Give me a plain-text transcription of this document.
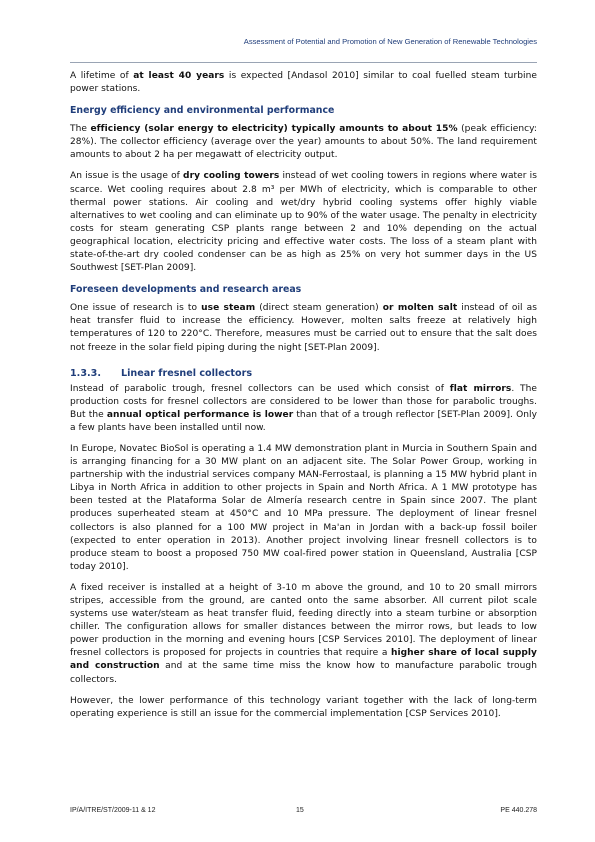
Assessment of Potential and Promotion of New Generation of Renewable Technologies

A lifetime of at least 40 years is expected [Andasol 2010] similar to coal fuelled steam turbine power stations.

Energy efficiency and environmental performance

The efficiency (solar energy to electricity) typically amounts to about 15% (peak efficiency: 28%). The collector efficiency (average over the year) amounts to about 50%. The land requirement amounts to about 2 ha per megawatt of electricity output.

An issue is the usage of dry cooling towers instead of wet cooling towers in regions where water is scarce. Wet cooling requires about 2.8 m³ per MWh of electricity, which is comparable to other thermal power stations. Air cooling and wet/dry hybrid cooling systems offer highly viable alternatives to wet cooling and can eliminate up to 90% of the water usage. The penalty in electricity costs for steam generating CSP plants range between 2 and 10% depending on the actual geographical location, electricity pricing and effective water costs. The loss of a steam plant with state-of-the-art dry cooled condenser can be as high as 25% on very hot summer days in the US Southwest [SET-Plan 2009].

Foreseen developments and research areas

One issue of research is to use steam (direct steam generation) or molten salt instead of oil as heat transfer fluid to increase the efficiency. However, molten salts freeze at relatively high temperatures of 120 to 220°C. Therefore, measures must be carried out to ensure that the salt does not freeze in the solar field piping during the night [SET-Plan 2009].

1.3.3. Linear fresnel collectors

Instead of parabolic trough, fresnel collectors can be used which consist of flat mirrors. The production costs for fresnel collectors are considered to be lower than those for parabolic troughs. But the annual optical performance is lower than that of a trough reflector [SET-Plan 2009]. Only a few plants have been installed until now.

In Europe, Novatec BioSol is operating a 1.4 MW demonstration plant in Murcia in Southern Spain and is arranging financing for a 30 MW plant on an adjacent site. The Solar Power Group, working in partnership with the industrial services company MAN-Ferrostaal, is planning a 15 MW hybrid plant in Libya in North Africa in addition to other projects in Spain and North Africa. A 1 MW prototype has been tested at the Plataforma Solar de Almería research centre in Spain since 2007. The plant produces superheated steam at 450°C and 10 MPa pressure. The deployment of linear fresnel collectors is also planned for a 100 MW project in Ma'an in Jordan with a back-up fossil boiler (expected to enter operation in 2013). Another project involving linear fresnell collectors is to produce steam to boost a proposed 750 MW coal-fired power station in Queensland, Australia [CSP today 2010].

A fixed receiver is installed at a height of 3-10 m above the ground, and 10 to 20 small mirrors stripes, accessible from the ground, are canted onto the same absorber. All current pilot scale systems use water/steam as heat transfer fluid, feeding directly into a steam turbine or absorption chiller. The configuration allows for smaller distances between the mirror rows, but leads to low power production in the morning and evening hours [CSP Services 2010]. The deployment of linear fresnel collectors is proposed for projects in countries that require a higher share of local supply and construction and at the same time miss the know how to manufacture parabolic trough collectors.

However, the lower performance of this technology variant together with the lack of long-term operating experience is still an issue for the commercial implementation [CSP Services 2010].

IP/A/ITRE/ST/2009-11 & 12	15	PE 440.278
